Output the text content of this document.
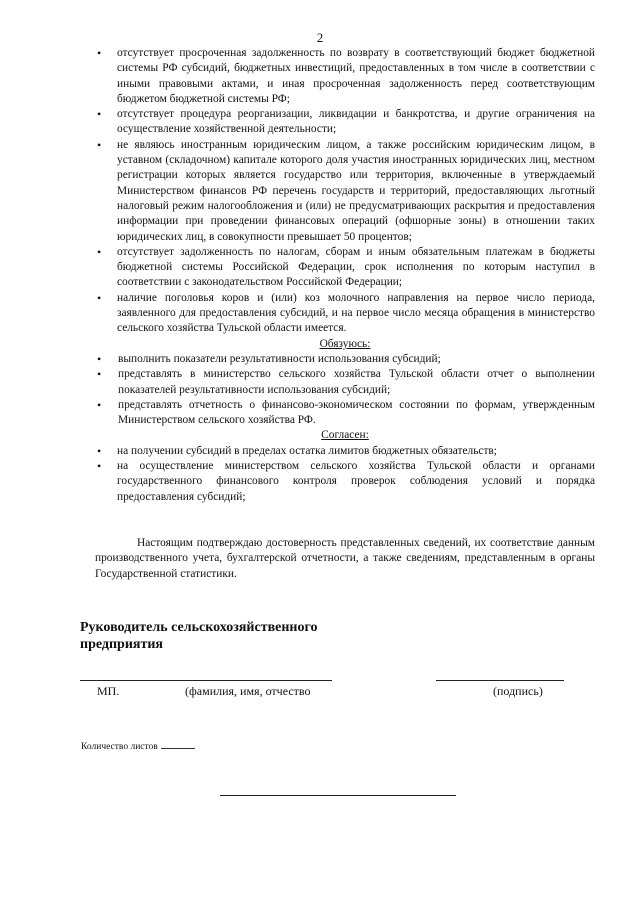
2
• отсутствует просроченная задолженность по возврату в соответствующий бюджет бюджетной системы РФ субсидий, бюджетных инвестиций, предоставленных в том числе в соответствии с иными правовыми актами, и иная просроченная задолженность перед соответствующим бюджетом бюджетной системы РФ;
• отсутствует процедура реорганизации, ликвидации и банкротства, и другие ограничения на осуществление хозяйственной деятельности;
• не являюсь иностранным юридическим лицом, а также российским юридическим лицом, в уставном (складочном) капитале которого доля участия иностранных юридических лиц, местном регистрации которых является государство или территория, включенные в утверждаемый Министерством финансов РФ перечень государств и территорий, предоставляющих льготный налоговый режим налогообложения и (или) не предусматривающих раскрытия и предоставления информации при проведении финансовых операций (офшорные зоны) в отношении таких юридических лиц, в совокупности превышает 50 процентов;
• отсутствует задолженность по налогам, сборам и иным обязательным платежам в бюджеты бюджетной системы Российской Федерации, срок исполнения по которым наступил в соответствии с законодательством Российской Федерации;
• наличие поголовья коров и (или) коз молочного направления на первое число периода, заявленного для предоставления субсидий, и на первое число месяца обращения в министерство сельского хозяйства Тульской области имеется.

Обязуюсь:

• выполнить показатели результативности использования субсидий;
• представлять в министерство сельского хозяйства Тульской области отчет о выполнении показателей результативности использования субсидий;
• представлять отчетность о финансово-экономическом состоянии по формам, утвержденным Министерством сельского хозяйства РФ.

Согласен:

• на получении субсидий в пределах остатка лимитов бюджетных обязательств;
• на осуществление министерством сельского хозяйства Тульской области и органами государственного финансового контроля проверок соблюдения условий и порядка предоставления субсидий;

Настоящим подтверждаю достоверность представленных сведений, их соответствие данным производственного учета, бухгалтерской отчетности, а также сведениям, представленным в органы Государственной статистики.

Руководитель сельскохозяйственного
предприятия
МП.	(фамилия, имя, отчество	(подпись)
Количество листов
